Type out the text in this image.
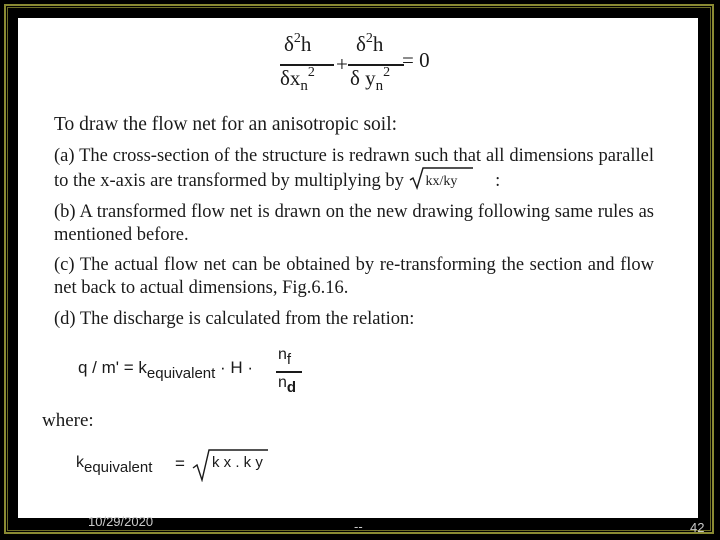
$\delta^2h$
$\delta x_n^2$ +
$\delta^2h$
δ $y_n^2$
= 0
To draw the flow net for an anisotropic soil:
(a) The cross-section of the structure is redrawn such that all dimensions parallel to the x-axis are transformed by multiplying by kx/ky :
(b) A transformed flow net is drawn on the new drawing following same rules as mentioned before.
(c) The actual flow net can be obtained by re-transforming the section and flow net back to actual dimensions, Fig.6.16.
(d) The discharge is calculated from the relation:
q / m' = kequivalent · H ·
nf
nd
where:
kequivalent = k x . k y
10/29/2020	--	42
